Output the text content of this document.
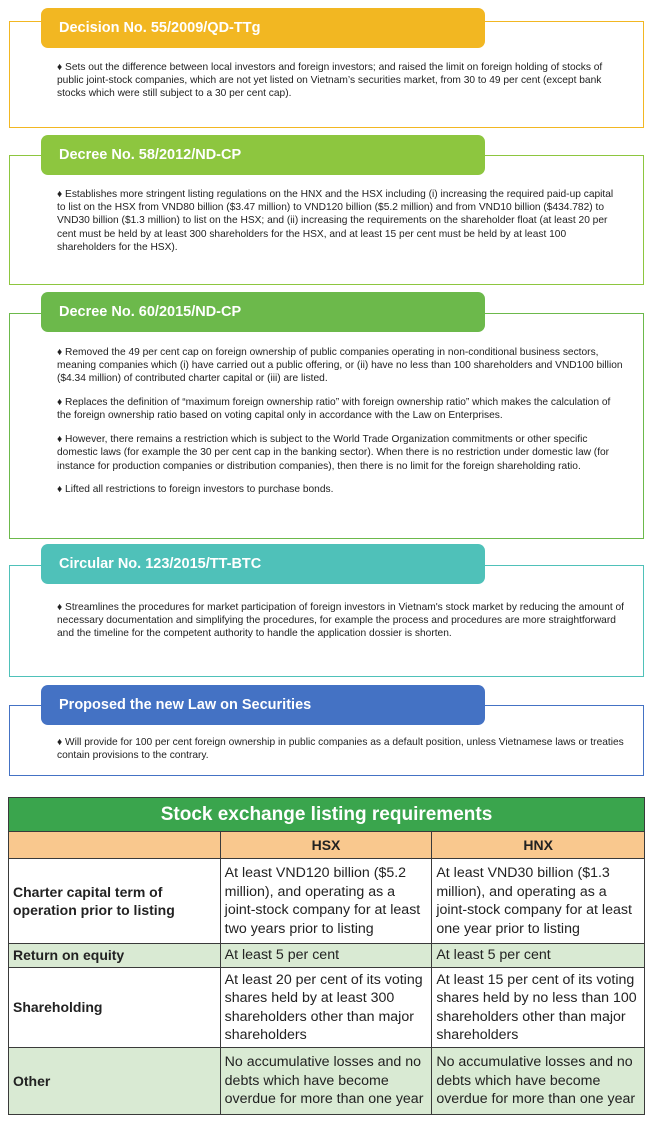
Decision No. 55/2009/QD-TTg

♦ Sets out the difference between local investors and foreign investors; and raised the limit on foreign holding of stocks of public joint-stock companies, which are not yet listed on Vietnam’s securities market, from 30 to 49 per cent (except bank stocks which were still subject to a 30 per cent cap).

Decree No. 58/2012/ND-CP

♦ Establishes more stringent listing regulations on the HNX and the HSX including (i) increasing the required paid-up capital to list on the HSX from VND80 billion ($3.47 million) to VND120 billion ($5.2 million) and from VND10 billion ($434.782) to VND30 billion ($1.3 million) to list on the HSX; and (ii) increasing the requirements on the shareholder float (at least 20 per cent must be held by at least 300 shareholders for the HSX, and at least 15 per cent must be held by at least 100 shareholders for the HSX).

Decree No. 60/2015/ND-CP

♦ Removed the 49 per cent cap on foreign ownership of public companies operating in non-conditional business sectors, meaning companies which (i) have carried out a public offering, or (ii) have no less than 100 shareholders and VND100 billion ($4.34 million) of contributed charter capital or (iii) are listed.

♦ Replaces the definition of “maximum foreign ownership ratio” with foreign ownership ratio” which makes the calculation of the foreign ownership ratio based on voting capital only in accordance with the Law on Enterprises.

♦ However, there remains a restriction which is subject to the World Trade Organization commitments or other specific domestic laws (for example the 30 per cent cap in the banking sector). When there is no restriction under domestic law (for instance for production companies or distribution companies), then there is no limit for the foreign shareholding ratio.

♦ Lifted all restrictions to foreign investors to purchase bonds.

Circular No. 123/2015/TT-BTC

♦ Streamlines the procedures for market participation of foreign investors in Vietnam's stock market by reducing the amount of necessary documentation and simplifying the procedures, for example the process and procedures are more straightforward and the timeline for the competent authority to handle the application dossier is shorten.

Proposed the new Law on Securities

♦ Will provide for 100 per cent foreign ownership in public companies as a default position, unless Vietnamese laws or treaties contain provisions to the contrary.

Stock exchange listing requirements		
	HSX	HNX
Charter capital term of operation prior to listing	At least VND120 billion ($5.2 million), and operating as a joint-stock company for at least two years prior to listing	At least VND30 billion ($1.3 million), and operating as a joint-stock company for at least one year prior to listing
Return on equity	At least 5 per cent	At least 5 per cent
Shareholding	At least 20 per cent of its voting shares held by at least 300 shareholders other than major shareholders	At least 15 per cent of its voting shares held by no less than 100 shareholders other than major shareholders
Other	No accumulative losses and no debts which have become overdue for more than one year	No accumulative losses and no debts which have become overdue for more than one year
